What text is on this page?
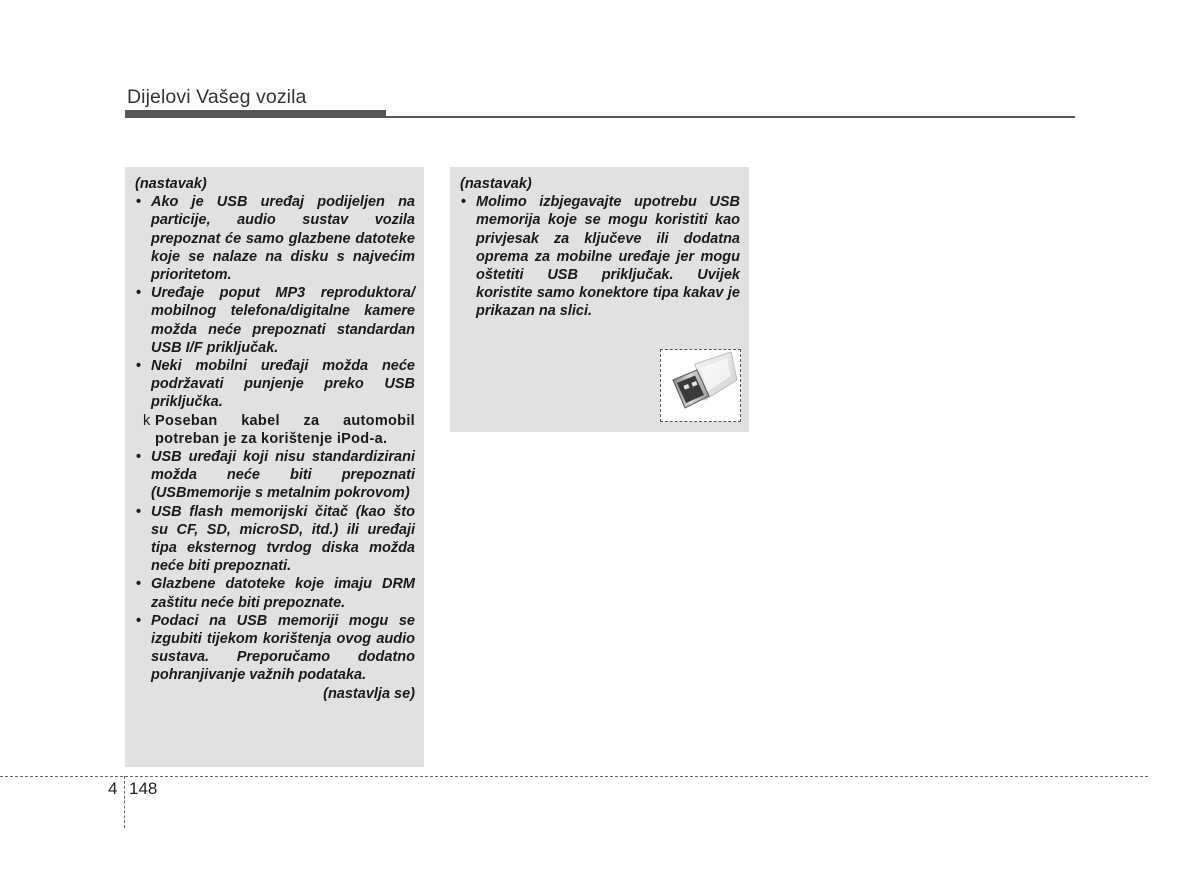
Dijelovi Vašeg vozila
(nastavak)
• Ako je USB uređaj podijeljen na particije, audio sustav vozila prepoznat će samo glazbene datoteke koje se nalaze na disku s najvećim prioritetom.
• Uređaje poput MP3 reproduktora/ mobilnog telefona/digitalne kamere možda neće prepoznati standardan USB I/F priključak.
• Neki mobilni uređaji možda neće podržavati punjenje preko USB priključka.
k Poseban kabel za automobil potreban je za korištenje iPod-a.
• USB uređaji koji nisu standardizirani možda neće biti prepoznati (USBmemorije s metalnim pokrovom)
• USB flash memorijski čitač (kao što su CF, SD, microSD, itd.) ili uređaji tipa eksternog tvrdog diska možda neće biti prepoznati.
• Glazbene datoteke koje imaju DRM zaštitu neće biti prepoznate.
• Podaci na USB memoriji mogu se izgubiti tijekom korištenja ovog audio sustava. Preporučamo dodatno pohranjivanje važnih podataka.
(nastavlja se)
(nastavak)
• Molimo izbjegavajte upotrebu USB memorija koje se mogu koristiti kao privjesak za ključeve ili dodatna oprema za mobilne uređaje jer mogu oštetiti USB priključak. Uvijek koristite samo konektore tipa kakav je prikazan na slici.
4 148
